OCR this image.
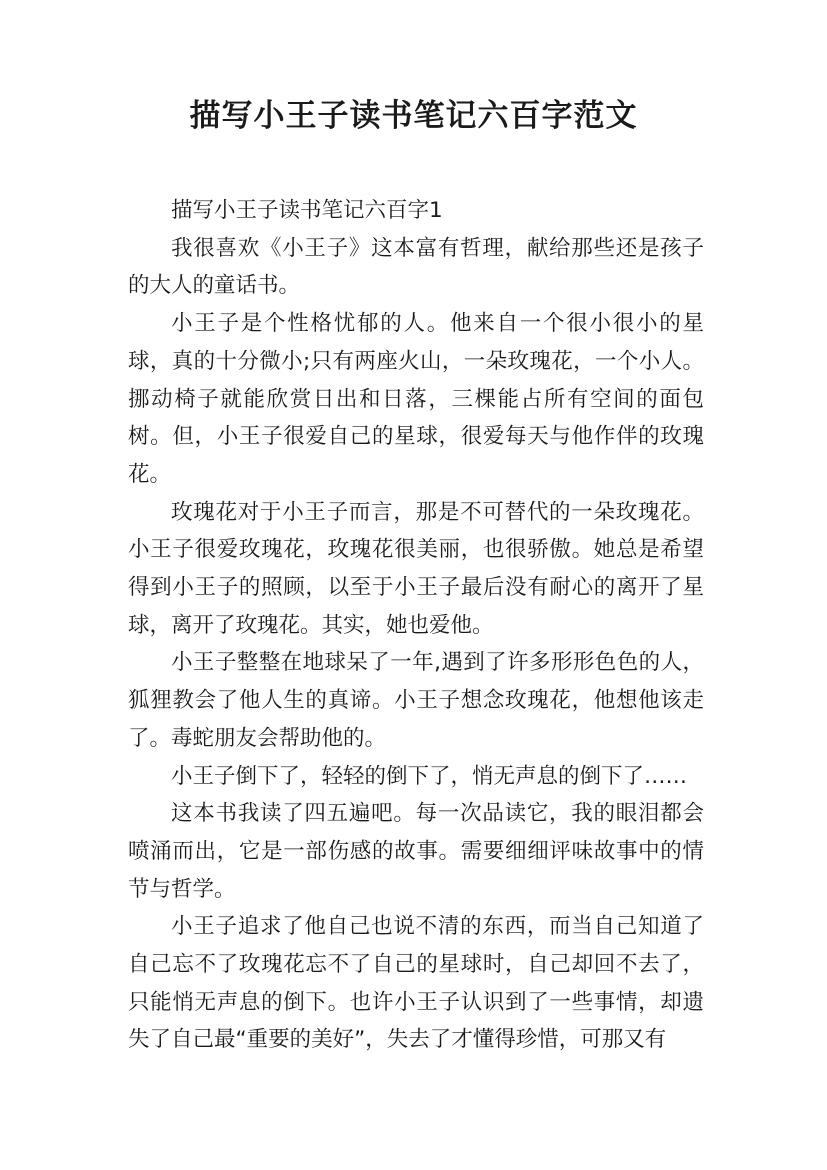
描写小王子读书笔记六百字范文

描写小王子读书笔记六百字1

我很喜欢《小王子》这本富有哲理，献给那些还是孩子的大人的童话书。

小王子是个性格忧郁的人。他来自一个很小很小的星球，真的十分微小;只有两座火山，一朵玫瑰花，一个小人。挪动椅子就能欣赏日出和日落，三棵能占所有空间的面包树。但，小王子很爱自己的星球，很爱每天与他作伴的玫瑰花。

玫瑰花对于小王子而言，那是不可替代的一朵玫瑰花。小王子很爱玫瑰花，玫瑰花很美丽，也很骄傲。她总是希望得到小王子的照顾，以至于小王子最后没有耐心的离开了星球，离开了玫瑰花。其实，她也爱他。

小王子整整在地球呆了一年,遇到了许多形形色色的人，狐狸教会了他人生的真谛。小王子想念玫瑰花，他想他该走了。毒蛇朋友会帮助他的。

小王子倒下了，轻轻的倒下了，悄无声息的倒下了……

这本书我读了四五遍吧。每一次品读它，我的眼泪都会喷涌而出，它是一部伤感的故事。需要细细评味故事中的情节与哲学。

小王子追求了他自己也说不清的东西，而当自己知道了自己忘不了玫瑰花忘不了自己的星球时，自己却回不去了，只能悄无声息的倒下。也许小王子认识到了一些事情，却遗失了自己最“重要的美好”，失去了才懂得珍惜，可那又有
